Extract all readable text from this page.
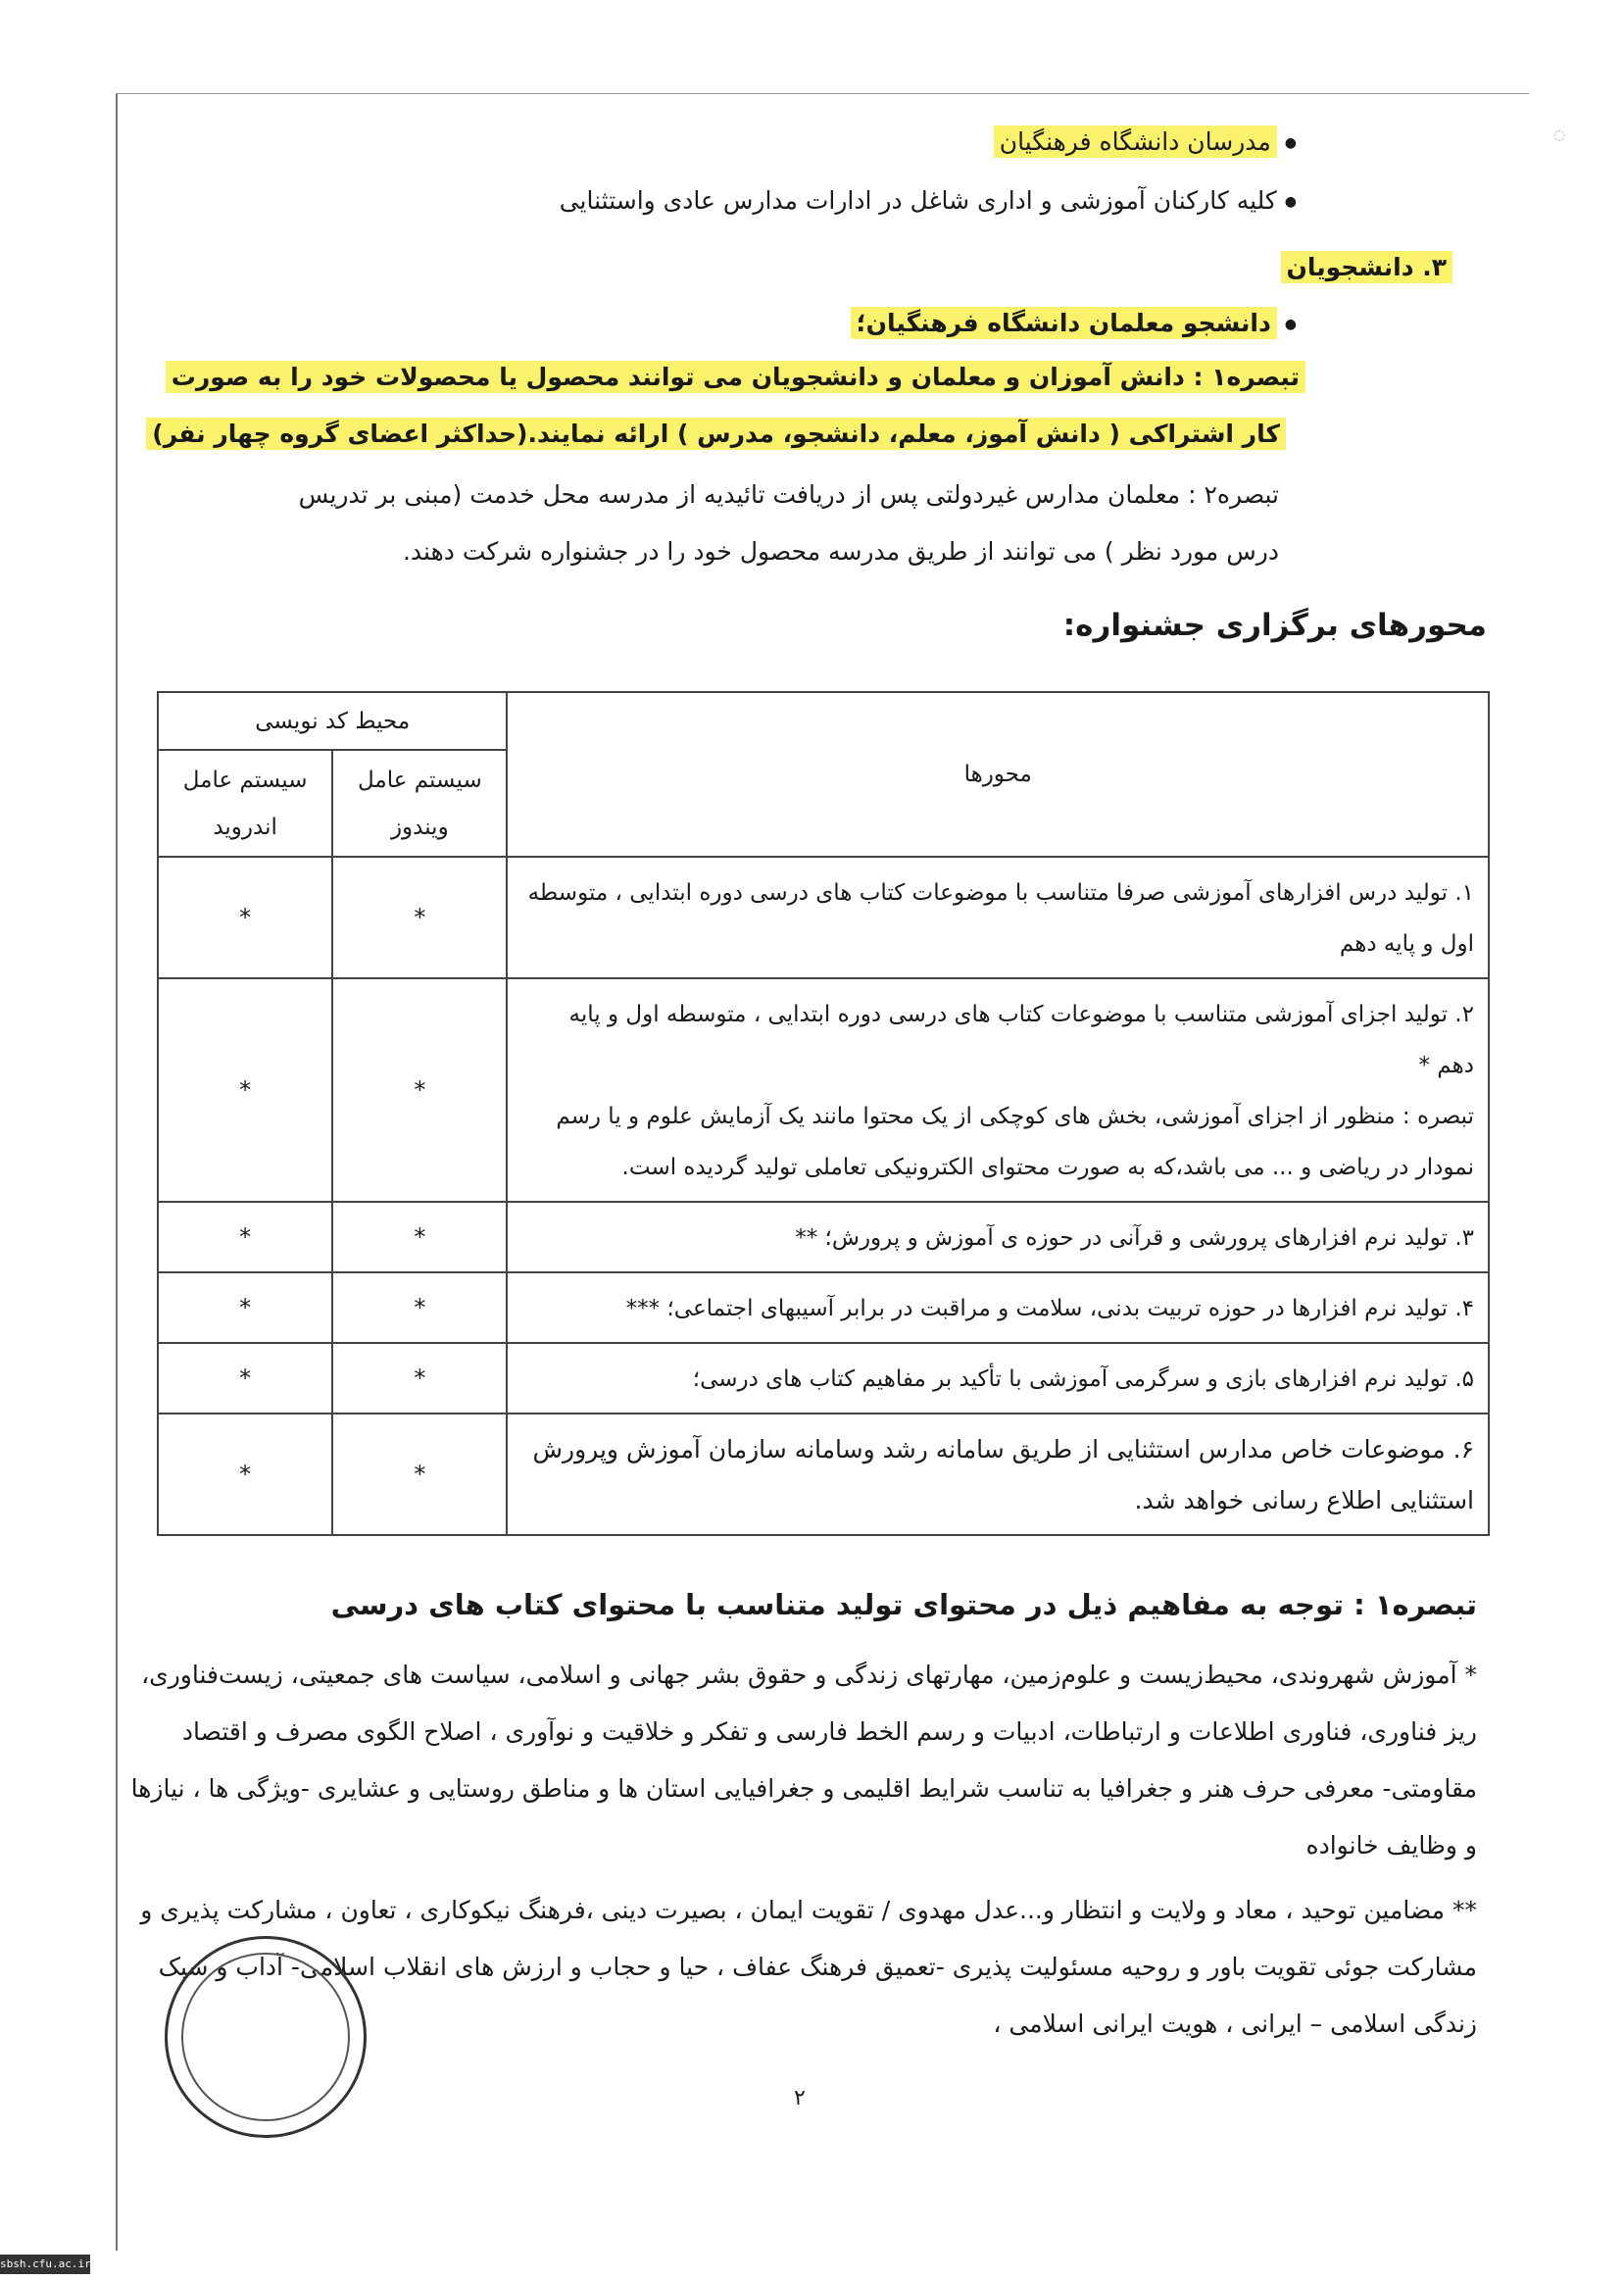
◌
● مدرسان دانشگاه فرهنگیان
● کلیه کارکنان آموزشی و اداری شاغل در ادارات مدارس عادی واستثنایی
۳. دانشجویان
● دانشجو معلمان دانشگاه فرهنگیان؛
تبصره۱ : دانش آموزان و معلمان و دانشجویان می توانند محصول یا محصولات خود را به صورت
کار اشتراکی ( دانش آموز، معلم، دانشجو، مدرس ) ارائه نمایند.(حداکثر اعضای گروه چهار نفر)
تبصره۲ : معلمان مدارس غیردولتی پس از دریافت تائیدیه از مدرسه محل خدمت (مبنی بر تدریس
درس مورد نظر ) می توانند از طریق مدرسه محصول خود را در جشنواره شرکت دهند.
محورهای برگزاری جشنواره:
محورها	محیط کد نویسی	
	سیستم عامل ویندوز	سیستم عامل اندروید
۱. تولید درس افزارهای آموزشی صرفا متناسب با موضوعات کتاب های درسی دوره ابتدایی ، متوسطه اول و پایه دهم	*	*

۲. تولید اجزای آموزشی متناسب با موضوعات کتاب های درسی دوره ابتدایی ، متوسطه اول و پایه دهم *
تبصره : منظور از اجزای آموزشی، بخش های کوچکی از یک محتوا مانند یک آزمایش علوم و یا رسم نمودار در ریاضی و ... می باشد،که به صورت محتوای الکترونیکی تعاملی تولید گردیده است.	*	*
۳. تولید نرم افزارهای پرورشی و قرآنی در حوزه ی آموزش و پرورش؛ **	*	*
۴. تولید نرم افزارها در حوزه تربیت بدنی، سلامت و مراقبت در برابر آسیبهای اجتماعی؛ ***	*	*
۵. تولید نرم افزارهای بازی و سرگرمی آموزشی با تأکید بر مفاهیم کتاب های درسی؛	*	*
۶. موضوعات خاص مدارس استثنایی از طریق سامانه رشد وسامانه سازمان آموزش وپرورش استثنایی اطلاع رسانی خواهد شد.	*	*
تبصره۱ : توجه به مفاهیم ذیل در محتوای تولید متناسب با محتوای کتاب های درسی
* آموزش شهروندی، محیط‌زیست و علوم‌زمین، مهارتهای زندگی و حقوق بشر جهانی و اسلامی، سیاست های جمعیتی، زیست‌فناوری، ریز فناوری، فناوری اطلاعات و ارتباطات، ادبیات و رسم الخط فارسی و تفکر و خلاقیت و نوآوری ، اصلاح الگوی مصرف و اقتصاد مقاومتی- معرفی حرف هنر و جغرافیا به تناسب شرایط اقلیمی و جغرافیایی استان ها و مناطق روستایی و عشایری -ویژگی ها ، نیازها و وظایف خانواده
** مضامین توحید ، معاد و ولایت و انتظار و...عدل مهدوی / تقویت ایمان ، بصیرت دینی ،فرهنگ نیکوکاری ، تعاون ، مشارکت پذیری و مشارکت جوئی تقویت باور و روحیه مسئولیت پذیری -تعمیق فرهنگ عفاف ، حیا و حجاب و ارزش های انقلاب اسلامی- آداب و سبک زندگی اسلامی – ایرانی ، هویت ایرانی اسلامی ،
۲
sbsh.cfu.ac.ir
